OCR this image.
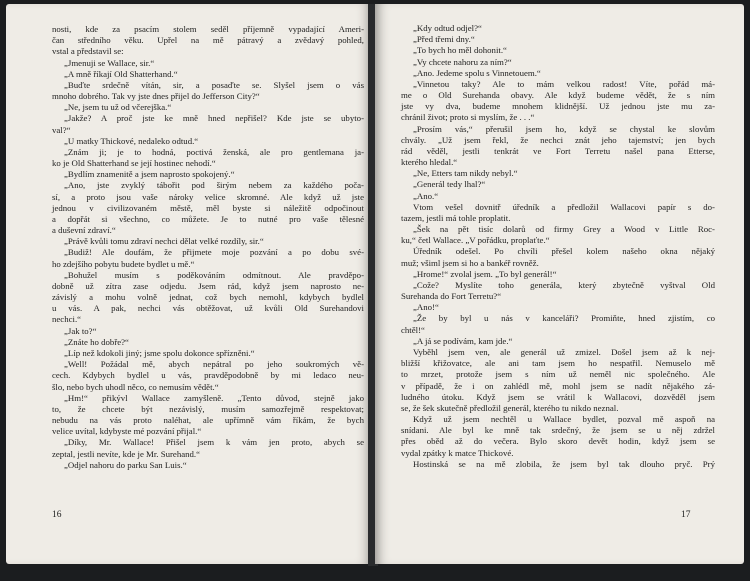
nosti, kde za psacím stolem seděl příjemně vypadající Ameri-
čan středního věku. Upřel na mě pátravý a zvědavý pohled,
vstal a představil se:
„Jmenuji se Wallace, sir.“
„A mně říkají Old Shatterhand.“
„Buďte srdečně vítán, sir, a posaďte se. Slyšel jsem o vás
mnoho dobrého. Tak vy jste dnes přijel do Jefferson City?“
„Ne, jsem tu už od včerejška.“
„Jakže? A proč jste ke mně hned nepřišel? Kde jste se ubyto-
val?“
„U matky Thickové, nedaleko odtud.“
„Znám ji; je to hodná, poctivá ženská, ale pro gentlemana ja-
ko je Old Shatterhand se její hostinec nehodí.“
„Bydlím znamenitě a jsem naprosto spokojený.“
„Ano, jste zvyklý tábořit pod širým nebem za každého poča-
sí, a proto jsou vaše nároky velice skromné. Ale když už jste
jednou v civilizovaném městě, měl byste si náležitě odpočinout
a dopřát si všechno, co můžete. Je to nutné pro vaše tělesné
a duševní zdraví.“
„Právě kvůli tomu zdraví nechci dělat velké rozdíly, sir.“
„Budiž! Ale doufám, že přijmete moje pozvání a po dobu své-
ho zdejšího pobytu budete bydlet u mě.“
„Bohužel musím s poděkováním odmítnout. Ale pravděpo-
dobně už zítra zase odjedu. Jsem rád, když jsem naprosto ne-
závislý a mohu volně jednat, což bych nemohl, kdybych bydlel
u vás. A pak, nechci vás obtěžovat, už kvůli Old Surehandovi
nechci.“
„Jak to?“
„Znáte ho dobře?“
„Líp než kdokoli jiný; jsme spolu dokonce spřízněni.“
„Well! Požádal mě, abych nepátral po jeho soukromých vě-
cech. Kdybych bydlel u vás, pravděpodobně by mi ledaco neu-
šlo, nebo bych uhodl něco, co nemusím vědět.“
„Hm!“ přikývl Wallace zamyšleně. „Tento důvod, stejně jako
to, že chcete být nezávislý, musím samozřejmě respektovat;
nebudu na vás proto naléhat, ale upřímně vám říkám, že bych
velice uvítal, kdybyste mé pozvání přijal.“
„Díky, Mr. Wallace! Přišel jsem k vám jen proto, abych se
zeptal, jestli nevíte, kde je Mr. Surehand.“
„Odjel nahoru do parku San Luis.“
16
„Kdy odtud odjel?“
„Před třemi dny.“
„To bych ho měl dohonit.“
„Vy chcete nahoru za ním?“
„Ano. Jedeme spolu s Vinnetouem.“
„Vinnetou taky? Ale to mám velkou radost! Víte, pořád má-
me o Old Surehanda obavy. Ale když budeme vědět, že s ním
jste vy dva, budeme mnohem klidnější. Už jednou jste mu za-
chránil život; proto si myslím, že . . .“
„Prosím vás,“ přerušil jsem ho, když se chystal ke slovům
chvály. „Už jsem řekl, že nechci znát jeho tajemství; jen bych
rád věděl, jestli tenkrát ve Fort Terretu našel pana Etterse,
kterého hledal.“
„Ne, Etters tam nikdy nebyl.“
„Generál tedy lhal?“
„Ano.“
Vtom vešel dovnitř úředník a předložil Wallacovi papír s do-
tazem, jestli má tohle proplatit.
„Šek na pět tisíc dolarů od firmy Grey a Wood v Little Roc-
ku,“ četl Wallace. „V pořádku, proplaťte.“
Úředník odešel. Po chvíli přešel kolem našeho okna nějaký
muž; všiml jsem si ho a bankéř rovněž.
„Hrome!“ zvolal jsem. „To byl generál!“
„Cože? Myslíte toho generála, který zbytečně vyštval Old
Surehanda do Fort Terretu?“
„Ano!“
„Že by byl u nás v kanceláři? Promiňte, hned zjistím, co
chtěl!“
„A já se podívám, kam jde.“
Vyběhl jsem ven, ale generál už zmizel. Došel jsem až k nej-
bližší křižovatce, ale ani tam jsem ho nespatřil. Nemuselo mě
to mrzet, protože jsem s ním už neměl nic společného. Ale
v případě, že i on zahlédl mě, mohl jsem se nadít nějakého zá-
ludného útoku. Když jsem se vrátil k Wallacovi, dozvěděl jsem
se, že šek skutečně předložil generál, kterého tu nikdo neznal.
Když už jsem nechtěl u Wallace bydlet, pozval mě aspoň na
snídani. Ale byl ke mně tak srdečný, že jsem se u něj zdržel
přes oběd až do večera. Bylo skoro devět hodin, když jsem se
vydal zpátky k matce Thickové.
Hostinská se na mě zlobila, že jsem byl tak dlouho pryč. Prý
17
